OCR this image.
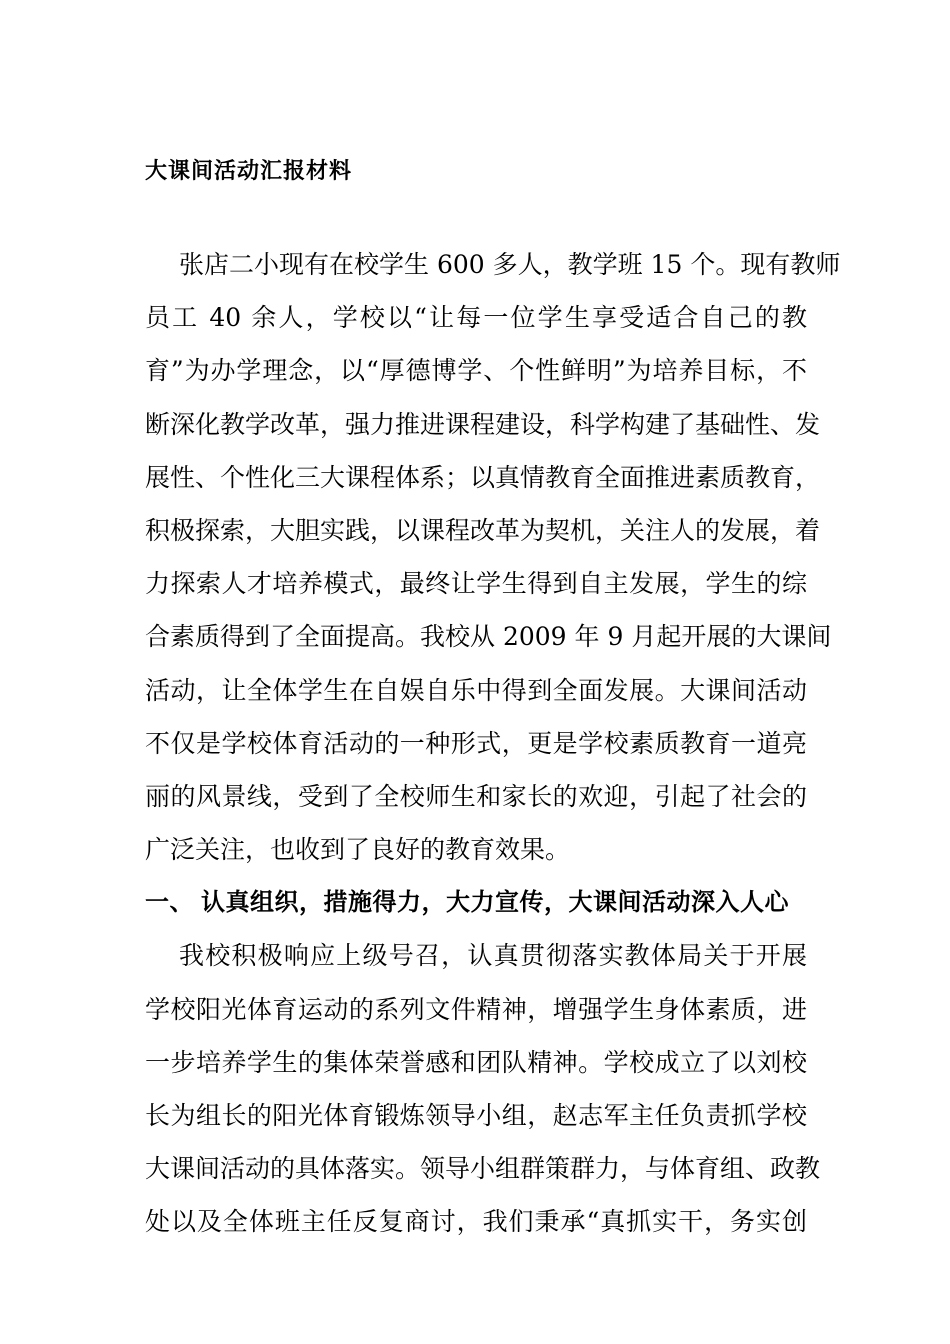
大课间活动汇报材料
张店二小现有在校学生 600 多人，教学班 15 个。现有教师
员工 40 余人，学校以“让每一位学生享受适合自己的教
育”为办学理念，以“厚德博学、个性鲜明”为培养目标，不
断深化教学改革，强力推进课程建设，科学构建了基础性、发
展性、个性化三大课程体系；以真情教育全面推进素质教育，
积极探索，大胆实践，以课程改革为契机，关注人的发展，着
力探索人才培养模式，最终让学生得到自主发展，学生的综
合素质得到了全面提高。我校从 2009 年 9 月起开展的大课间
活动，让全体学生在自娱自乐中得到全面发展。大课间活动
不仅是学校体育活动的一种形式，更是学校素质教育一道亮
丽的风景线，受到了全校师生和家长的欢迎，引起了社会的
广泛关注，也收到了良好的教育效果。
一、 认真组织，措施得力，大力宣传，大课间活动深入人心
我校积极响应上级号召，认真贯彻落实教体局关于开展
学校阳光体育运动的系列文件精神，增强学生身体素质，进
一步培养学生的集体荣誉感和团队精神。学校成立了以刘校
长为组长的阳光体育锻炼领导小组，赵志军主任负责抓学校
大课间活动的具体落实。领导小组群策群力，与体育组、政教
处以及全体班主任反复商讨，我们秉承“真抓实干，务实创
